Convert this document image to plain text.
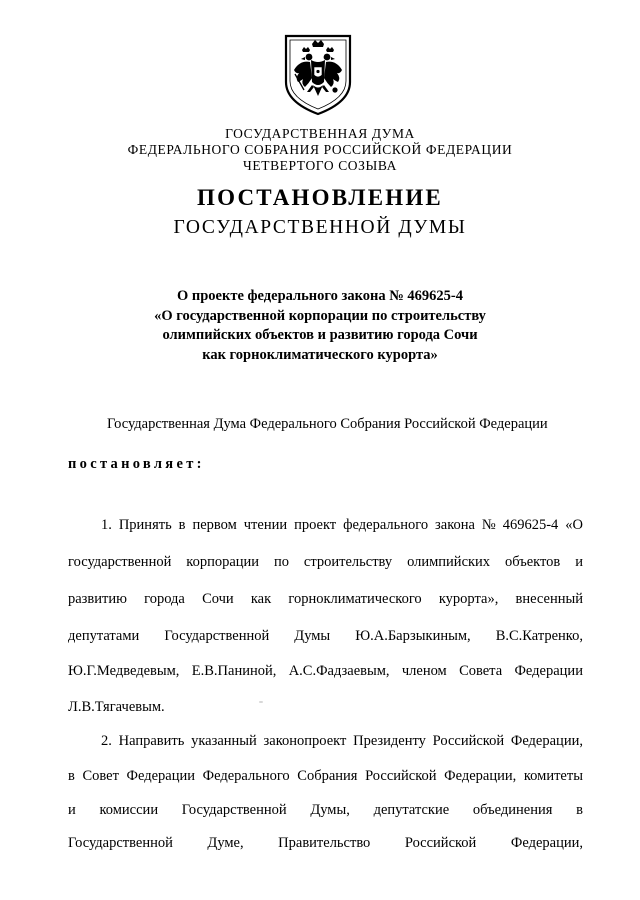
ГОСУДАРСТВЕННАЯ ДУМА
ФЕДЕРАЛЬНОГО СОБРАНИЯ РОССИЙСКОЙ ФЕДЕРАЦИИ
ЧЕТВЕРТОГО СОЗЫВА
ПОСТАНОВЛЕНИЕ
ГОСУДАРСТВЕННОЙ ДУМЫ
О проекте федерального закона № 469625-4
«О государственной корпорации по строительству
олимпийских объектов и развитию города Сочи
как горноклиматического курорта»
Государственная Дума Федерального Собрания Российской Федерации
постановляет:
1. Принять в первом чтении проект федерального закона № 469625-4 «О
государственной корпорации по строительству олимпийских объектов и
развитию города Сочи как горноклиматического курорта», внесенный
депутатами Государственной Думы Ю.А.Барзыкиным, В.С.Катренко,
Ю.Г.Медведевым, Е.В.Паниной, А.С.Фадзаевым, членом Совета Федерации
Л.В.Тягачевым.
2. Направить указанный законопроект Президенту Российской Федерации,
в Совет Федерации Федерального Собрания Российской Федерации, комитеты
и комиссии Государственной Думы, депутатские объединения в
Государственной Думе, Правительство Российской Федерации,
